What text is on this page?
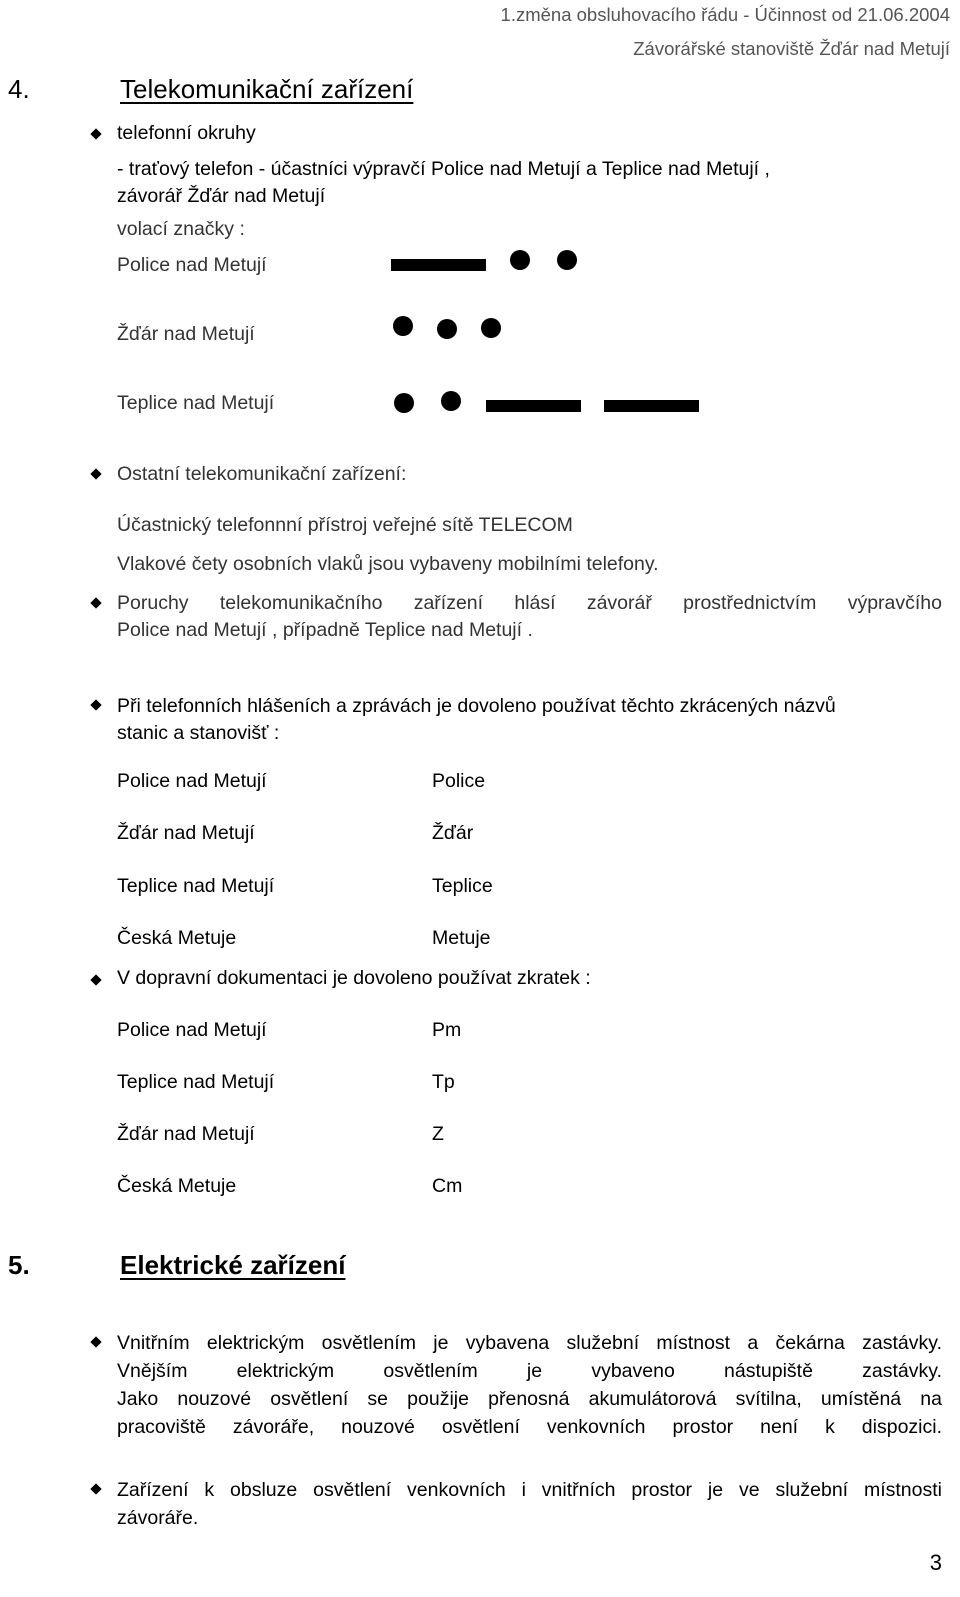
1.změna obsluhovacího řádu - Účinnost od 21.06.2004
Závorářské stanoviště Žďár nad Metují
4.	Telekomunikační zařízení
telefonní okruhy
- traťový telefon - účastníci výpravčí Police nad Metují a Teplice nad Metují ,
závorář Žďár nad Metují
volací značky :
Police nad Metují
Žďár nad Metují
Teplice nad Metují
Ostatní telekomunikační zařízení:
Účastnický telefonnní přístroj veřejné sítě TELECOM
Vlakové čety osobních vlaků jsou vybaveny mobilními telefony.
Poruchy telekomunikačního zařízení hlásí závorář prostřednictvím výpravčího
Police nad Metují , případně Teplice nad Metují .
Při telefonních hlášeních a zprávách je dovoleno používat těchto zkrácených názvů
stanic a stanovišť :
Police nad Metují	Police
Žďár nad Metují	Žďár
Teplice nad Metují	Teplice
Česká Metuje	Metuje
V dopravní dokumentaci je dovoleno používat zkratek :
Police nad Metují	Pm
Teplice nad Metují	Tp
Žďár nad Metují	Z
Česká Metuje	Cm
5.	Elektrické zařízení
Vnitřním elektrickým osvětlením je vybavena služební místnost a čekárna zastávky.
Vnějším elektrickým osvětlením je vybaveno nástupiště zastávky.
Jako nouzové osvětlení se použije přenosná akumulátorová svítilna, umístěná na
pracoviště závoráře, nouzové osvětlení venkovních prostor není k dispozici.
Zařízení k obsluze osvětlení venkovních i vnitřních prostor je ve služební místnosti
závoráře.
3
